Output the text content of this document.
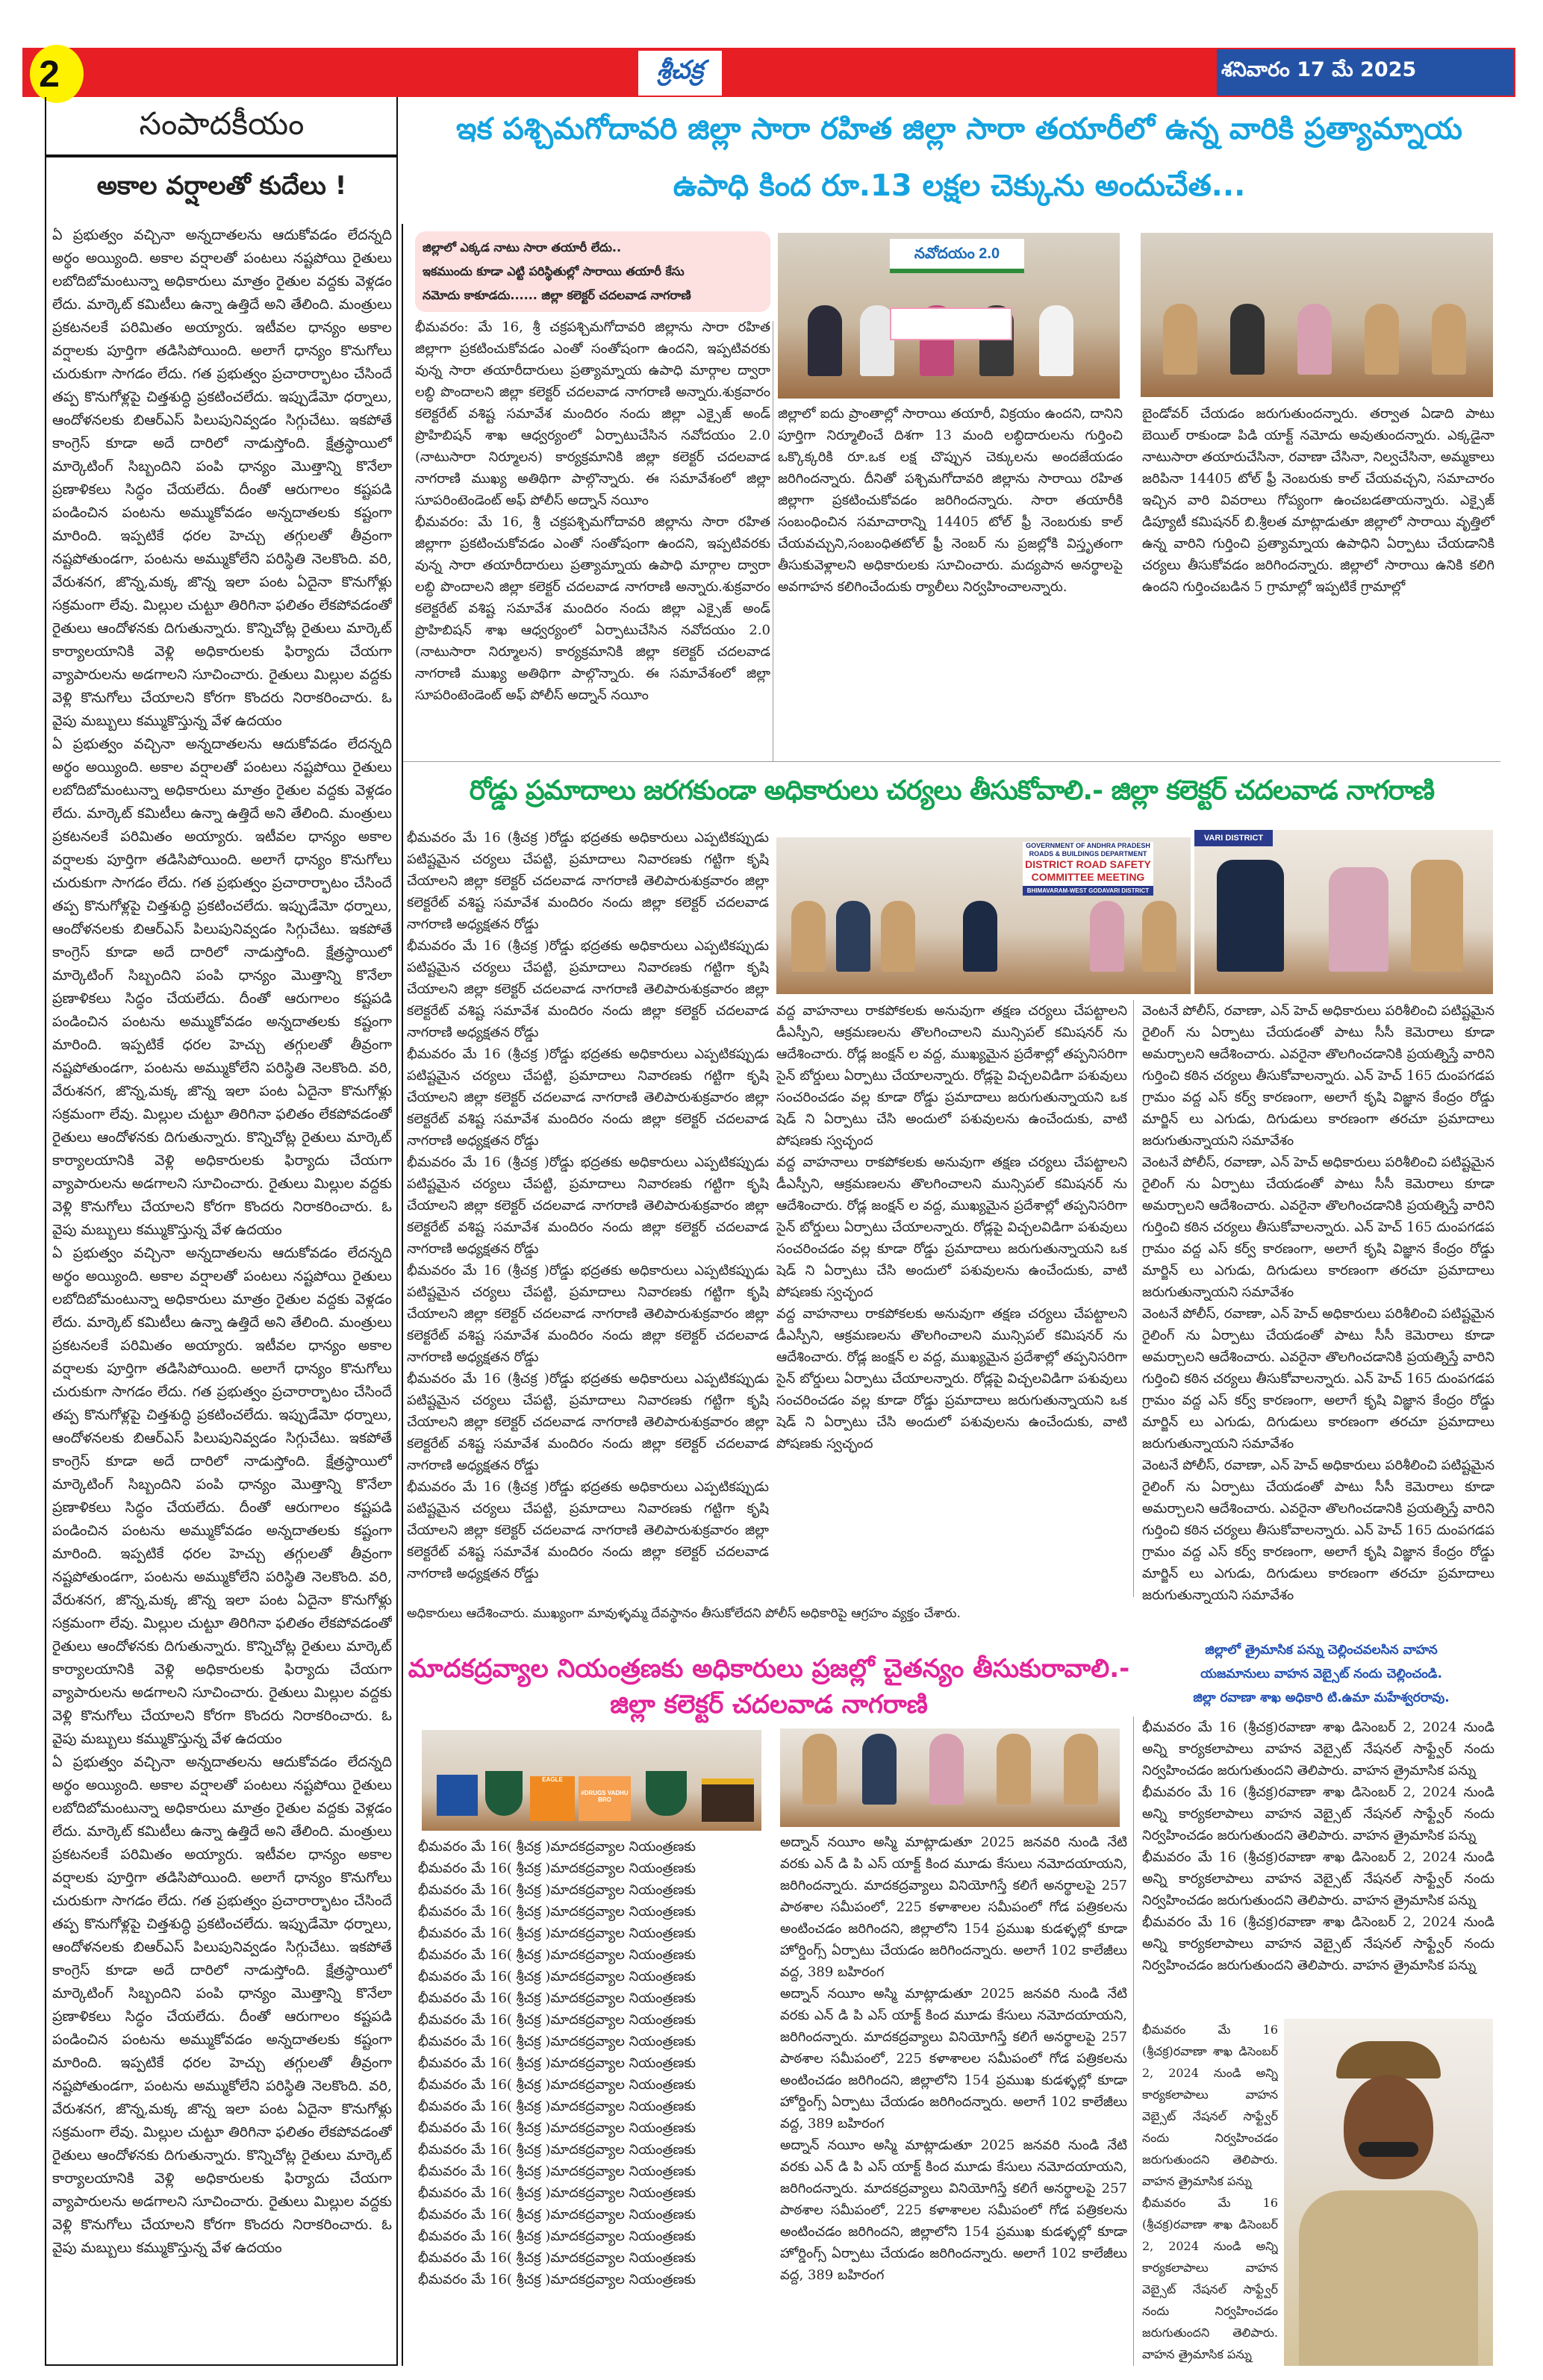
2	శ్రీచక్ర	శనివారం 17 మే 2025
సంపాదకీయం
అకాల వర్షాలతో కుదేలు !

ఏ ప్రభుత్వం వచ్చినా అన్నదాతలను ఆదుకోవడం లేదన్నది అర్థం అయ్యింది. అకాల వర్షాలతో పంటలు నష్టపోయి రైతులు లబోదిబోమంటున్నా అధికారులు మాత్రం రైతుల వద్దకు వెళ్లడం లేదు. మార్కెట్ కమిటీలు ఉన్నా ఉత్తిదే అని తేలింది. మంత్రులు ప్రకటనలకే పరిమితం అయ్యారు. ఇటీవల ధాన్యం అకాల వర్షాలకు పూర్తిగా తడిసిపోయింది. అలాగే ధాన్యం కొనుగోలు చురుకుగా సాగడం లేదు. గత ప్రభుత్వం ప్రచారార్భాటం చేసిందే తప్ప కొనుగోళ్లపై చిత్తశుద్ధి ప్రకటించలేదు. ఇప్పుడేమో ధర్నాలు, ఆందోళనలకు బిఆర్ఎస్ పిలుపునివ్వడం సిగ్గుచేటు. ఇకపోతే కాంగ్రెస్ కూడా అదే దారిలో నాడుస్తోంది. క్షేత్రస్థాయిలో మార్కెటింగ్ సిబ్బందిని పంపి ధాన్యం మొత్తాన్ని కొనేలా ప్రణాళికలు సిద్ధం చేయలేదు. దీంతో ఆరుగాలం కష్టపడి పండించిన పంటను అమ్ముకోవడం అన్నదాతలకు కష్టంగా మారింది. ఇప్పటికే ధరల హెచ్చు తగ్గులతో తీవ్రంగా నష్టపోతుండగా, పంటను అమ్ముకోలేని పరిస్థితి నెలకొంది. వరి, వేరుశనగ, జొన్న,మక్క జొన్న ఇలా పంట ఏదైనా కొనుగోళ్లు సక్రమంగా లేవు. మిల్లుల చుట్టూ తిరిగినా ఫలితం లేకపోవడంతో రైతులు ఆందోళనకు దిగుతున్నారు. కొన్నిచోట్ల రైతులు మార్కెట్ కార్యాలయానికి వెళ్లి అధికారులకు ఫిర్యాదు చేయగా వ్యాపారులను అడగాలని సూచించారు. రైతులు మిల్లుల వద్దకు వెళ్లి కొనుగోలు చేయాలని కోరగా కొందరు నిరాకరించారు. ఓ వైపు మబ్బులు కమ్ముకొస్తున్న వేళ ఉదయం

ఏ ప్రభుత్వం వచ్చినా అన్నదాతలను ఆదుకోవడం లేదన్నది అర్థం అయ్యింది. అకాల వర్షాలతో పంటలు నష్టపోయి రైతులు లబోదిబోమంటున్నా అధికారులు మాత్రం రైతుల వద్దకు వెళ్లడం లేదు. మార్కెట్ కమిటీలు ఉన్నా ఉత్తిదే అని తేలింది. మంత్రులు ప్రకటనలకే పరిమితం అయ్యారు. ఇటీవల ధాన్యం అకాల వర్షాలకు పూర్తిగా తడిసిపోయింది. అలాగే ధాన్యం కొనుగోలు చురుకుగా సాగడం లేదు. గత ప్రభుత్వం ప్రచారార్భాటం చేసిందే తప్ప కొనుగోళ్లపై చిత్తశుద్ధి ప్రకటించలేదు. ఇప్పుడేమో ధర్నాలు, ఆందోళనలకు బిఆర్ఎస్ పిలుపునివ్వడం సిగ్గుచేటు. ఇకపోతే కాంగ్రెస్ కూడా అదే దారిలో నాడుస్తోంది. క్షేత్రస్థాయిలో మార్కెటింగ్ సిబ్బందిని పంపి ధాన్యం మొత్తాన్ని కొనేలా ప్రణాళికలు సిద్ధం చేయలేదు. దీంతో ఆరుగాలం కష్టపడి పండించిన పంటను అమ్ముకోవడం అన్నదాతలకు కష్టంగా మారింది. ఇప్పటికే ధరల హెచ్చు తగ్గులతో తీవ్రంగా నష్టపోతుండగా, పంటను అమ్ముకోలేని పరిస్థితి నెలకొంది. వరి, వేరుశనగ, జొన్న,మక్క జొన్న ఇలా పంట ఏదైనా కొనుగోళ్లు సక్రమంగా లేవు. మిల్లుల చుట్టూ తిరిగినా ఫలితం లేకపోవడంతో రైతులు ఆందోళనకు దిగుతున్నారు. కొన్నిచోట్ల రైతులు మార్కెట్ కార్యాలయానికి వెళ్లి అధికారులకు ఫిర్యాదు చేయగా వ్యాపారులను అడగాలని సూచించారు. రైతులు మిల్లుల వద్దకు వెళ్లి కొనుగోలు చేయాలని కోరగా కొందరు నిరాకరించారు. ఓ వైపు మబ్బులు కమ్ముకొస్తున్న వేళ ఉదయం

ఏ ప్రభుత్వం వచ్చినా అన్నదాతలను ఆదుకోవడం లేదన్నది అర్థం అయ్యింది. అకాల వర్షాలతో పంటలు నష్టపోయి రైతులు లబోదిబోమంటున్నా అధికారులు మాత్రం రైతుల వద్దకు వెళ్లడం లేదు. మార్కెట్ కమిటీలు ఉన్నా ఉత్తిదే అని తేలింది. మంత్రులు ప్రకటనలకే పరిమితం అయ్యారు. ఇటీవల ధాన్యం అకాల వర్షాలకు పూర్తిగా తడిసిపోయింది. అలాగే ధాన్యం కొనుగోలు చురుకుగా సాగడం లేదు. గత ప్రభుత్వం ప్రచారార్భాటం చేసిందే తప్ప కొనుగోళ్లపై చిత్తశుద్ధి ప్రకటించలేదు. ఇప్పుడేమో ధర్నాలు, ఆందోళనలకు బిఆర్ఎస్ పిలుపునివ్వడం సిగ్గుచేటు. ఇకపోతే కాంగ్రెస్ కూడా అదే దారిలో నాడుస్తోంది. క్షేత్రస్థాయిలో మార్కెటింగ్ సిబ్బందిని పంపి ధాన్యం మొత్తాన్ని కొనేలా ప్రణాళికలు సిద్ధం చేయలేదు. దీంతో ఆరుగాలం కష్టపడి పండించిన పంటను అమ్ముకోవడం అన్నదాతలకు కష్టంగా మారింది. ఇప్పటికే ధరల హెచ్చు తగ్గులతో తీవ్రంగా నష్టపోతుండగా, పంటను అమ్ముకోలేని పరిస్థితి నెలకొంది. వరి, వేరుశనగ, జొన్న,మక్క జొన్న ఇలా పంట ఏదైనా కొనుగోళ్లు సక్రమంగా లేవు. మిల్లుల చుట్టూ తిరిగినా ఫలితం లేకపోవడంతో రైతులు ఆందోళనకు దిగుతున్నారు. కొన్నిచోట్ల రైతులు మార్కెట్ కార్యాలయానికి వెళ్లి అధికారులకు ఫిర్యాదు చేయగా వ్యాపారులను అడగాలని సూచించారు. రైతులు మిల్లుల వద్దకు వెళ్లి కొనుగోలు చేయాలని కోరగా కొందరు నిరాకరించారు. ఓ వైపు మబ్బులు కమ్ముకొస్తున్న వేళ ఉదయం

ఏ ప్రభుత్వం వచ్చినా అన్నదాతలను ఆదుకోవడం లేదన్నది అర్థం అయ్యింది. అకాల వర్షాలతో పంటలు నష్టపోయి రైతులు లబోదిబోమంటున్నా అధికారులు మాత్రం రైతుల వద్దకు వెళ్లడం లేదు. మార్కెట్ కమిటీలు ఉన్నా ఉత్తిదే అని తేలింది. మంత్రులు ప్రకటనలకే పరిమితం అయ్యారు. ఇటీవల ధాన్యం అకాల వర్షాలకు పూర్తిగా తడిసిపోయింది. అలాగే ధాన్యం కొనుగోలు చురుకుగా సాగడం లేదు. గత ప్రభుత్వం ప్రచారార్భాటం చేసిందే తప్ప కొనుగోళ్లపై చిత్తశుద్ధి ప్రకటించలేదు. ఇప్పుడేమో ధర్నాలు, ఆందోళనలకు బిఆర్ఎస్ పిలుపునివ్వడం సిగ్గుచేటు. ఇకపోతే కాంగ్రెస్ కూడా అదే దారిలో నాడుస్తోంది. క్షేత్రస్థాయిలో మార్కెటింగ్ సిబ్బందిని పంపి ధాన్యం మొత్తాన్ని కొనేలా ప్రణాళికలు సిద్ధం చేయలేదు. దీంతో ఆరుగాలం కష్టపడి పండించిన పంటను అమ్ముకోవడం అన్నదాతలకు కష్టంగా మారింది. ఇప్పటికే ధరల హెచ్చు తగ్గులతో తీవ్రంగా నష్టపోతుండగా, పంటను అమ్ముకోలేని పరిస్థితి నెలకొంది. వరి, వేరుశనగ, జొన్న,మక్క జొన్న ఇలా పంట ఏదైనా కొనుగోళ్లు సక్రమంగా లేవు. మిల్లుల చుట్టూ తిరిగినా ఫలితం లేకపోవడంతో రైతులు ఆందోళనకు దిగుతున్నారు. కొన్నిచోట్ల రైతులు మార్కెట్ కార్యాలయానికి వెళ్లి అధికారులకు ఫిర్యాదు చేయగా వ్యాపారులను అడగాలని సూచించారు. రైతులు మిల్లుల వద్దకు వెళ్లి కొనుగోలు చేయాలని కోరగా కొందరు నిరాకరించారు. ఓ వైపు మబ్బులు కమ్ముకొస్తున్న వేళ ఉదయం

ఇక పశ్చిమగోదావరి జిల్లా సారా రహిత జిల్లా సారా తయారీలో ఉన్న వారికి ప్రత్యామ్నాయ ఉపాధి కింద రూ.13 లక్షల చెక్కును అందుచేత...
జిల్లాలో ఎక్కడ నాటు సారా తయారీ లేదు..
ఇకముందు కూడా ఎట్టి పరిస్థితుల్లో సారాయి తయారీ కేసు
నమోదు కాకూడదు...... జిల్లా కలెక్టర్ చదలవాడ నాగరాణి

భీమవరం: మే 16, శ్రీ చక్రపశ్చిమగోదావరి జిల్లాను సారా రహిత జిల్లాగా ప్రకటించుకోవడం ఎంతో సంతోషంగా ఉందని, ఇప్పటివరకు వున్న సారా తయారీదారులు ప్రత్యామ్నాయ ఉపాధి మార్గాల ద్వారా లబ్ధి పొందాలని జిల్లా కలెక్టర్ చదలవాడ నాగరాణి అన్నారు.శుక్రవారం కలెక్టరేట్ వశిష్ట సమావేశ మందిరం నందు జిల్లా ఎక్సైజ్ అండ్ ప్రొహిబిషన్ శాఖ ఆధ్వర్యంలో ఏర్పాటుచేసిన నవోదయం 2.0 (నాటుసారా నిర్మూలన) కార్యక్రమానికి జిల్లా కలెక్టర్ చదలవాడ నాగరాణి ముఖ్య అతిథిగా పాల్గొన్నారు. ఈ సమావేశంలో జిల్లా సూపరింటెండెంట్ అఫ్ పోలీస్ అద్నాన్ నయీం

భీమవరం: మే 16, శ్రీ చక్రపశ్చిమగోదావరి జిల్లాను సారా రహిత జిల్లాగా ప్రకటించుకోవడం ఎంతో సంతోషంగా ఉందని, ఇప్పటివరకు వున్న సారా తయారీదారులు ప్రత్యామ్నాయ ఉపాధి మార్గాల ద్వారా లబ్ధి పొందాలని జిల్లా కలెక్టర్ చదలవాడ నాగరాణి అన్నారు.శుక్రవారం కలెక్టరేట్ వశిష్ట సమావేశ మందిరం నందు జిల్లా ఎక్సైజ్ అండ్ ప్రొహిబిషన్ శాఖ ఆధ్వర్యంలో ఏర్పాటుచేసిన నవోదయం 2.0 (నాటుసారా నిర్మూలన) కార్యక్రమానికి జిల్లా కలెక్టర్ చదలవాడ నాగరాణి ముఖ్య అతిథిగా పాల్గొన్నారు. ఈ సమావేశంలో జిల్లా సూపరింటెండెంట్ అఫ్ పోలీస్ అద్నాన్ నయీం

నవోదయం 2.0

జిల్లాలో ఐదు ప్రాంతాల్లో సారాయి తయారీ, విక్రయం ఉందని, దానిని పూర్తిగా నిర్మూలించే దిశగా 13 మంది లబ్ధిదారులను గుర్తించి ఒక్కొక్కరికి రూ.ఒక లక్ష చొప్పున చెక్కులను అందజేయడం జరిగిందన్నారు. దీనితో పశ్చిమగోదావరి జిల్లాను సారాయి రహిత జిల్లాగా ప్రకటించుకోవడం జరిగిందన్నారు. సారా తయారీకి సంబంధించిన సమాచారాన్ని 14405 టోల్ ఫ్రీ నెంబరుకు కాల్ చేయవచ్చుని,సంబంధితటోల్ ఫ్రీ నెంబర్ ను ప్రజల్లోకి విస్తృతంగా తీసుకువెళ్లాలని అధికారులకు సూచించారు. మద్యపాన అనర్థాలపై అవగాహన కలిగించేందుకు ర్యాలీలు నిర్వహించాలన్నారు.

బైండోవర్ చేయడం జరుగుతుందన్నారు. తర్వాత ఏడాది పాటు బెయిల్ రాకుండా పిడి యాక్ట్ నమోదు అవుతుందన్నారు. ఎక్కడైనా నాటుసారా తయారుచేసినా, రవాణా చేసినా, నిల్వచేసినా, అమ్మకాలు జరిపినా 14405 టోల్ ఫ్రీ నెంబరుకు కాల్ చేయవచ్చని, సమాచారం ఇచ్చిన వారి వివరాలు గోప్యంగా ఉంచబడతాయన్నారు. ఎక్సైజ్ డిప్యూటీ కమిషనర్ బి.శ్రీలత మాట్లాడుతూ జిల్లాలో సారాయి వృత్తిలో ఉన్న వారిని గుర్తించి ప్రత్యామ్నాయ ఉపాధిని ఏర్పాటు చేయడానికి చర్యలు తీసుకోవడం జరిగిందన్నారు. జిల్లాలో సారాయి ఉనికి కలిగి ఉందని గుర్తించబడిన 5 గ్రామాల్లో ఇప్పటికే గ్రామాల్లో

రోడ్డు ప్రమాదాలు జరగకుండా అధికారులు చర్యలు తీసుకోవాలి.- జిల్లా కలెక్టర్ చదలవాడ నాగరాణి

భీమవరం మే 16 (శ్రీచక్ర )రోడ్డు భద్రతకు అధికారులు ఎప్పటికప్పుడు పటిష్టమైన చర్యలు చేపట్టి, ప్రమాదాలు నివారణకు గట్టిగా కృషి చేయాలని జిల్లా కలెక్టర్ చదలవాడ నాగరాణి తెలిపారుశుక్రవారం జిల్లా కలెక్టరేట్ వశిష్ట సమావేశ మందిరం నందు జిల్లా కలెక్టర్ చదలవాడ నాగరాణి అధ్యక్షతన రోడ్డు

భీమవరం మే 16 (శ్రీచక్ర )రోడ్డు భద్రతకు అధికారులు ఎప్పటికప్పుడు పటిష్టమైన చర్యలు చేపట్టి, ప్రమాదాలు నివారణకు గట్టిగా కృషి చేయాలని జిల్లా కలెక్టర్ చదలవాడ నాగరాణి తెలిపారుశుక్రవారం జిల్లా కలెక్టరేట్ వశిష్ట సమావేశ మందిరం నందు జిల్లా కలెక్టర్ చదలవాడ నాగరాణి అధ్యక్షతన రోడ్డు

భీమవరం మే 16 (శ్రీచక్ర )రోడ్డు భద్రతకు అధికారులు ఎప్పటికప్పుడు పటిష్టమైన చర్యలు చేపట్టి, ప్రమాదాలు నివారణకు గట్టిగా కృషి చేయాలని జిల్లా కలెక్టర్ చదలవాడ నాగరాణి తెలిపారుశుక్రవారం జిల్లా కలెక్టరేట్ వశిష్ట సమావేశ మందిరం నందు జిల్లా కలెక్టర్ చదలవాడ నాగరాణి అధ్యక్షతన రోడ్డు

భీమవరం మే 16 (శ్రీచక్ర )రోడ్డు భద్రతకు అధికారులు ఎప్పటికప్పుడు పటిష్టమైన చర్యలు చేపట్టి, ప్రమాదాలు నివారణకు గట్టిగా కృషి చేయాలని జిల్లా కలెక్టర్ చదలవాడ నాగరాణి తెలిపారుశుక్రవారం జిల్లా కలెక్టరేట్ వశిష్ట సమావేశ మందిరం నందు జిల్లా కలెక్టర్ చదలవాడ నాగరాణి అధ్యక్షతన రోడ్డు

భీమవరం మే 16 (శ్రీచక్ర )రోడ్డు భద్రతకు అధికారులు ఎప్పటికప్పుడు పటిష్టమైన చర్యలు చేపట్టి, ప్రమాదాలు నివారణకు గట్టిగా కృషి చేయాలని జిల్లా కలెక్టర్ చదలవాడ నాగరాణి తెలిపారుశుక్రవారం జిల్లా కలెక్టరేట్ వశిష్ట సమావేశ మందిరం నందు జిల్లా కలెక్టర్ చదలవాడ నాగరాణి అధ్యక్షతన రోడ్డు

భీమవరం మే 16 (శ్రీచక్ర )రోడ్డు భద్రతకు అధికారులు ఎప్పటికప్పుడు పటిష్టమైన చర్యలు చేపట్టి, ప్రమాదాలు నివారణకు గట్టిగా కృషి చేయాలని జిల్లా కలెక్టర్ చదలవాడ నాగరాణి తెలిపారుశుక్రవారం జిల్లా కలెక్టరేట్ వశిష్ట సమావేశ మందిరం నందు జిల్లా కలెక్టర్ చదలవాడ నాగరాణి అధ్యక్షతన రోడ్డు

భీమవరం మే 16 (శ్రీచక్ర )రోడ్డు భద్రతకు అధికారులు ఎప్పటికప్పుడు పటిష్టమైన చర్యలు చేపట్టి, ప్రమాదాలు నివారణకు గట్టిగా కృషి చేయాలని జిల్లా కలెక్టర్ చదలవాడ నాగరాణి తెలిపారుశుక్రవారం జిల్లా కలెక్టరేట్ వశిష్ట సమావేశ మందిరం నందు జిల్లా కలెక్టర్ చదలవాడ నాగరాణి అధ్యక్షతన రోడ్డు

GOVERNMENT OF ANDHRA PRADESH
ROADS & BUILDINGS DEPARTMENT
DISTRICT ROAD SAFETY COMMITTEE MEETING
BHIMAVARAM-WEST GODAVARI DISTRICT
VARI DISTRICT

వద్ద వాహనాలు రాకపోకలకు అనువుగా తక్షణ చర్యలు చేపట్టాలని డీఎస్పీని, ఆక్రమణలను తొలగించాలని మున్సిపల్ కమిషనర్ ను ఆదేశించారు. రోడ్ల జంక్షన్ ల వద్ద, ముఖ్యమైన ప్రదేశాల్లో తప్పనిసరిగా సైన్ బోర్డులు ఏర్పాటు చేయాలన్నారు. రోడ్లపై విచ్చలవిడిగా పశువులు సంచరించడం వల్ల కూడా రోడ్డు ప్రమాదాలు జరుగుతున్నాయని ఒక షెడ్ ని ఏర్పాటు చేసి అందులో పశువులను ఉంచేందుకు, వాటి పోషణకు స్వచ్ఛంద

వద్ద వాహనాలు రాకపోకలకు అనువుగా తక్షణ చర్యలు చేపట్టాలని డీఎస్పీని, ఆక్రమణలను తొలగించాలని మున్సిపల్ కమిషనర్ ను ఆదేశించారు. రోడ్ల జంక్షన్ ల వద్ద, ముఖ్యమైన ప్రదేశాల్లో తప్పనిసరిగా సైన్ బోర్డులు ఏర్పాటు చేయాలన్నారు. రోడ్లపై విచ్చలవిడిగా పశువులు సంచరించడం వల్ల కూడా రోడ్డు ప్రమాదాలు జరుగుతున్నాయని ఒక షెడ్ ని ఏర్పాటు చేసి అందులో పశువులను ఉంచేందుకు, వాటి పోషణకు స్వచ్ఛంద

వద్ద వాహనాలు రాకపోకలకు అనువుగా తక్షణ చర్యలు చేపట్టాలని డీఎస్పీని, ఆక్రమణలను తొలగించాలని మున్సిపల్ కమిషనర్ ను ఆదేశించారు. రోడ్ల జంక్షన్ ల వద్ద, ముఖ్యమైన ప్రదేశాల్లో తప్పనిసరిగా సైన్ బోర్డులు ఏర్పాటు చేయాలన్నారు. రోడ్లపై విచ్చలవిడిగా పశువులు సంచరించడం వల్ల కూడా రోడ్డు ప్రమాదాలు జరుగుతున్నాయని ఒక షెడ్ ని ఏర్పాటు చేసి అందులో పశువులను ఉంచేందుకు, వాటి పోషణకు స్వచ్ఛంద

వెంటనే పోలీస్, రవాణా, ఎన్ హెచ్ అధికారులు పరిశీలించి పటిష్టమైన రైలింగ్ ను ఏర్పాటు చేయడంతో పాటు సీసీ కెమెరాలు కూడా అమర్చాలని ఆదేశించారు. ఎవరైనా తొలగించడానికి ప్రయత్నిస్తే వారిని గుర్తించి కఠిన చర్యలు తీసుకోవాలన్నారు. ఎన్ హెచ్ 165 దుంపగడప గ్రామం వద్ద ఎస్ కర్వ్ కారణంగా, అలాగే కృషి విజ్ఞాన కేంద్రం రోడ్డు మార్జిన్ లు ఎగుడు, దిగుడులు కారణంగా తరచూ ప్రమాదాలు జరుగుతున్నాయని సమావేశం

వెంటనే పోలీస్, రవాణా, ఎన్ హెచ్ అధికారులు పరిశీలించి పటిష్టమైన రైలింగ్ ను ఏర్పాటు చేయడంతో పాటు సీసీ కెమెరాలు కూడా అమర్చాలని ఆదేశించారు. ఎవరైనా తొలగించడానికి ప్రయత్నిస్తే వారిని గుర్తించి కఠిన చర్యలు తీసుకోవాలన్నారు. ఎన్ హెచ్ 165 దుంపగడప గ్రామం వద్ద ఎస్ కర్వ్ కారణంగా, అలాగే కృషి విజ్ఞాన కేంద్రం రోడ్డు మార్జిన్ లు ఎగుడు, దిగుడులు కారణంగా తరచూ ప్రమాదాలు జరుగుతున్నాయని సమావేశం

వెంటనే పోలీస్, రవాణా, ఎన్ హెచ్ అధికారులు పరిశీలించి పటిష్టమైన రైలింగ్ ను ఏర్పాటు చేయడంతో పాటు సీసీ కెమెరాలు కూడా అమర్చాలని ఆదేశించారు. ఎవరైనా తొలగించడానికి ప్రయత్నిస్తే వారిని గుర్తించి కఠిన చర్యలు తీసుకోవాలన్నారు. ఎన్ హెచ్ 165 దుంపగడప గ్రామం వద్ద ఎస్ కర్వ్ కారణంగా, అలాగే కృషి విజ్ఞాన కేంద్రం రోడ్డు మార్జిన్ లు ఎగుడు, దిగుడులు కారణంగా తరచూ ప్రమాదాలు జరుగుతున్నాయని సమావేశం

వెంటనే పోలీస్, రవాణా, ఎన్ హెచ్ అధికారులు పరిశీలించి పటిష్టమైన రైలింగ్ ను ఏర్పాటు చేయడంతో పాటు సీసీ కెమెరాలు కూడా అమర్చాలని ఆదేశించారు. ఎవరైనా తొలగించడానికి ప్రయత్నిస్తే వారిని గుర్తించి కఠిన చర్యలు తీసుకోవాలన్నారు. ఎన్ హెచ్ 165 దుంపగడప గ్రామం వద్ద ఎస్ కర్వ్ కారణంగా, అలాగే కృషి విజ్ఞాన కేంద్రం రోడ్డు మార్జిన్ లు ఎగుడు, దిగుడులు కారణంగా తరచూ ప్రమాదాలు జరుగుతున్నాయని సమావేశం

అధికారులు ఆదేశించారు. ముఖ్యంగా మావుళ్ళమ్మ దేవస్థానం తీసుకోలేదని పోలీస్ అధికారిపై ఆగ్రహం వ్యక్తం చేశారు.
మాదకద్రవ్యాల నియంత్రణకు అధికారులు ప్రజల్లో చైతన్యం తీసుకురావాలి.- జిల్లా కలెక్టర్ చదలవాడ నాగరాణి
EAGLE
#DRUGS VADHU BRO

భీమవరం మే 16( శ్రీచక్ర )మాదకద్రవ్యాల నియంత్రణకు

భీమవరం మే 16( శ్రీచక్ర )మాదకద్రవ్యాల నియంత్రణకు

భీమవరం మే 16( శ్రీచక్ర )మాదకద్రవ్యాల నియంత్రణకు

భీమవరం మే 16( శ్రీచక్ర )మాదకద్రవ్యాల నియంత్రణకు

భీమవరం మే 16( శ్రీచక్ర )మాదకద్రవ్యాల నియంత్రణకు

భీమవరం మే 16( శ్రీచక్ర )మాదకద్రవ్యాల నియంత్రణకు

భీమవరం మే 16( శ్రీచక్ర )మాదకద్రవ్యాల నియంత్రణకు

భీమవరం మే 16( శ్రీచక్ర )మాదకద్రవ్యాల నియంత్రణకు

భీమవరం మే 16( శ్రీచక్ర )మాదకద్రవ్యాల నియంత్రణకు

భీమవరం మే 16( శ్రీచక్ర )మాదకద్రవ్యాల నియంత్రణకు

భీమవరం మే 16( శ్రీచక్ర )మాదకద్రవ్యాల నియంత్రణకు

భీమవరం మే 16( శ్రీచక్ర )మాదకద్రవ్యాల నియంత్రణకు

భీమవరం మే 16( శ్రీచక్ర )మాదకద్రవ్యాల నియంత్రణకు

భీమవరం మే 16( శ్రీచక్ర )మాదకద్రవ్యాల నియంత్రణకు

భీమవరం మే 16( శ్రీచక్ర )మాదకద్రవ్యాల నియంత్రణకు

భీమవరం మే 16( శ్రీచక్ర )మాదకద్రవ్యాల నియంత్రణకు

భీమవరం మే 16( శ్రీచక్ర )మాదకద్రవ్యాల నియంత్రణకు

భీమవరం మే 16( శ్రీచక్ర )మాదకద్రవ్యాల నియంత్రణకు

భీమవరం మే 16( శ్రీచక్ర )మాదకద్రవ్యాల నియంత్రణకు

భీమవరం మే 16( శ్రీచక్ర )మాదకద్రవ్యాల నియంత్రణకు

భీమవరం మే 16( శ్రీచక్ర )మాదకద్రవ్యాల నియంత్రణకు

అద్నాన్ నయీం అస్మి మాట్లాడుతూ 2025 జనవరి నుండి నేటి వరకు ఎన్ డి పి ఎస్ యాక్ట్ కింద మూడు కేసులు నమోదయాయని, జరిగిందన్నారు. మాదకద్రవ్యాలు వినియోగిస్తే కలిగే అనర్థాలపై 257 పాఠశాల సమీపంలో, 225 కళాశాలల సమీపంలో గోడ పత్రికలను అంటించడం జరిగిందని, జిల్లాలోని 154 ప్రముఖ కుడళ్ళల్లో కూడా హోర్డింగ్స్ ఏర్పాటు చేయడం జరిగిందన్నారు. అలాగే 102 కాలేజీలు వద్ద, 389 బహిరంగ

అద్నాన్ నయీం అస్మి మాట్లాడుతూ 2025 జనవరి నుండి నేటి వరకు ఎన్ డి పి ఎస్ యాక్ట్ కింద మూడు కేసులు నమోదయాయని, జరిగిందన్నారు. మాదకద్రవ్యాలు వినియోగిస్తే కలిగే అనర్థాలపై 257 పాఠశాల సమీపంలో, 225 కళాశాలల సమీపంలో గోడ పత్రికలను అంటించడం జరిగిందని, జిల్లాలోని 154 ప్రముఖ కుడళ్ళల్లో కూడా హోర్డింగ్స్ ఏర్పాటు చేయడం జరిగిందన్నారు. అలాగే 102 కాలేజీలు వద్ద, 389 బహిరంగ

అద్నాన్ నయీం అస్మి మాట్లాడుతూ 2025 జనవరి నుండి నేటి వరకు ఎన్ డి పి ఎస్ యాక్ట్ కింద మూడు కేసులు నమోదయాయని, జరిగిందన్నారు. మాదకద్రవ్యాలు వినియోగిస్తే కలిగే అనర్థాలపై 257 పాఠశాల సమీపంలో, 225 కళాశాలల సమీపంలో గోడ పత్రికలను అంటించడం జరిగిందని, జిల్లాలోని 154 ప్రముఖ కుడళ్ళల్లో కూడా హోర్డింగ్స్ ఏర్పాటు చేయడం జరిగిందన్నారు. అలాగే 102 కాలేజీలు వద్ద, 389 బహిరంగ

జిల్లాలో త్రైమాసిక పన్ను చెల్లించవలసిన వాహన
యజమానులు వాహన వెబ్సైట్ నందు చెల్లించండి.
జిల్లా రవాణా శాఖ అధికారి టి.ఉమా మహేశ్వరరావు.

భీమవరం మే 16 (శ్రీచక్ర)రవాణా శాఖ డిసెంబర్ 2, 2024 నుండి అన్ని కార్యకలాపాలు వాహన వెబ్సైట్ నేషనల్ సాఫ్ట్వేర్ నందు నిర్వహించడం జరుగుతుందని తెలిపారు. వాహన త్రైమాసిక పన్ను

భీమవరం మే 16 (శ్రీచక్ర)రవాణా శాఖ డిసెంబర్ 2, 2024 నుండి అన్ని కార్యకలాపాలు వాహన వెబ్సైట్ నేషనల్ సాఫ్ట్వేర్ నందు నిర్వహించడం జరుగుతుందని తెలిపారు. వాహన త్రైమాసిక పన్ను

భీమవరం మే 16 (శ్రీచక్ర)రవాణా శాఖ డిసెంబర్ 2, 2024 నుండి అన్ని కార్యకలాపాలు వాహన వెబ్సైట్ నేషనల్ సాఫ్ట్వేర్ నందు నిర్వహించడం జరుగుతుందని తెలిపారు. వాహన త్రైమాసిక పన్ను

భీమవరం మే 16 (శ్రీచక్ర)రవాణా శాఖ డిసెంబర్ 2, 2024 నుండి అన్ని కార్యకలాపాలు వాహన వెబ్సైట్ నేషనల్ సాఫ్ట్వేర్ నందు నిర్వహించడం జరుగుతుందని తెలిపారు. వాహన త్రైమాసిక పన్ను

భీమవరం మే 16 (శ్రీచక్ర)రవాణా శాఖ డిసెంబర్ 2, 2024 నుండి అన్ని కార్యకలాపాలు వాహన వెబ్సైట్ నేషనల్ సాఫ్ట్వేర్ నందు నిర్వహించడం జరుగుతుందని తెలిపారు. వాహన త్రైమాసిక పన్ను

భీమవరం మే 16 (శ్రీచక్ర)రవాణా శాఖ డిసెంబర్ 2, 2024 నుండి అన్ని కార్యకలాపాలు వాహన వెబ్సైట్ నేషనల్ సాఫ్ట్వేర్ నందు నిర్వహించడం జరుగుతుందని తెలిపారు. వాహన త్రైమాసిక పన్ను
